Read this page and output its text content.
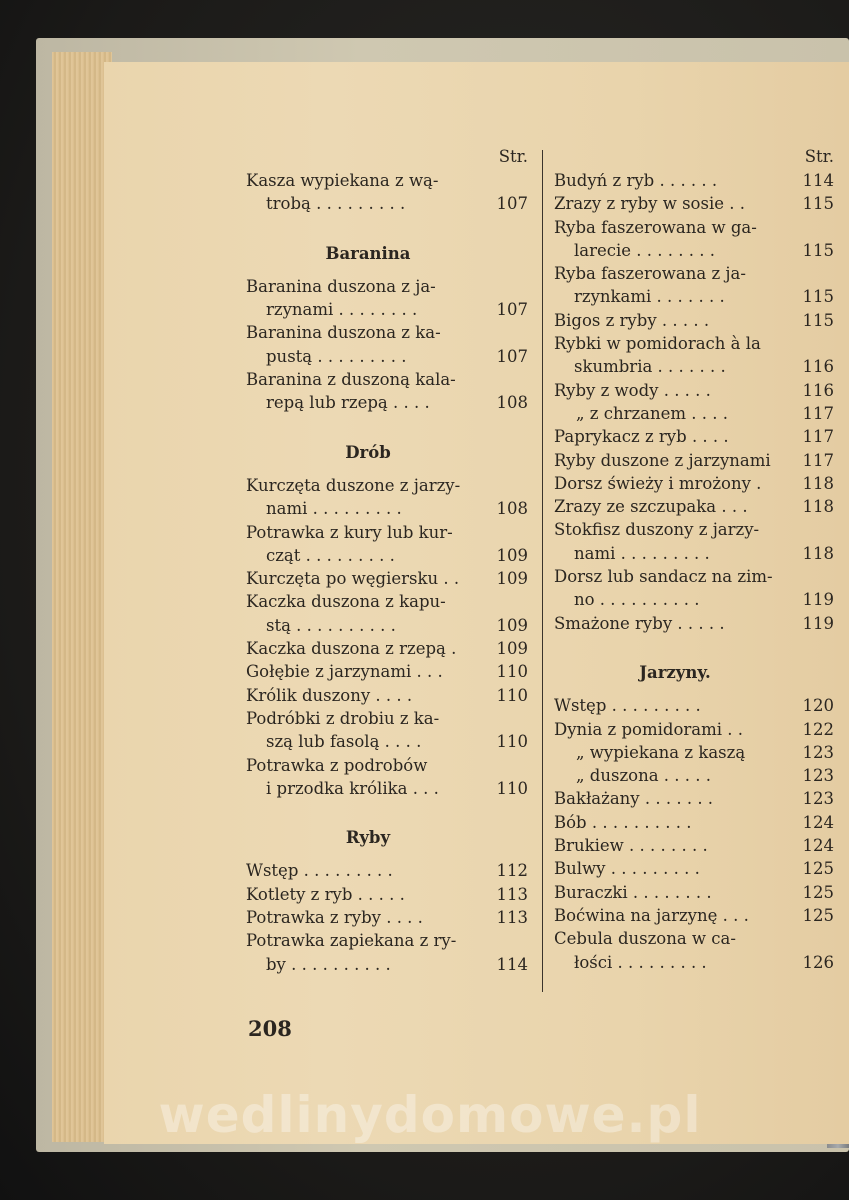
Str.
Kasza wypiekana z wą-
trobą . . . . . . . . .	107
Baranina
Baranina duszona z ja-
rzynami . . . . . . . .	107
Baranina duszona z ka-
pustą . . . . . . . . .	107
Baranina z duszoną kala-
repą lub rzepą . . . .	108
Drób
Kurczęta duszone z jarzy-
nami . . . . . . . . .	108
Potrawka z kury lub kur-
cząt . . . . . . . . .	109
Kurczęta po węgiersku . .	109
Kaczka duszona z kapu-
stą . . . . . . . . . .	109
Kaczka duszona z rzepą .	109
Gołębie z jarzynami . . .	110
Królik duszony . . . .	110
Podróbki z drobiu z ka-
szą lub fasolą . . . .	110
Potrawka z podrobów
i przodka królika . . .	110
Ryby
Wstęp . . . . . . . . .	112
Kotlety z ryb . . . . .	113
Potrawka z ryby . . . .	113
Potrawka zapiekana z ry-
by . . . . . . . . . .	114
Str.
Budyń z ryb . . . . . .	114
Zrazy z ryby w sosie . .	115
Ryba faszerowana w ga-
larecie . . . . . . . .	115
Ryba faszerowana z ja-
rzynkami . . . . . . .	115
Bigos z ryby . . . . .	115
Rybki w pomidorach à la
skumbria . . . . . . .	116
Ryby z wody . . . . .	116
„ z chrzanem . . . .	117
Paprykacz z ryb . . . .	117
Ryby duszone z jarzynami	117
Dorsz świeży i mrożony .	118
Zrazy ze szczupaka . . .	118
Stokfisz duszony z jarzy-
nami . . . . . . . . .	118
Dorsz lub sandacz na zim-
no . . . . . . . . . .	119
Smażone ryby . . . . .	119
Jarzyny.
Wstęp . . . . . . . . .	120
Dynia z pomidorami . .	122
„ wypiekana z kaszą	123
„ duszona . . . . .	123
Bakłażany . . . . . . .	123
Bób . . . . . . . . . .	124
Brukiew . . . . . . . .	124
Bulwy . . . . . . . . .	125
Buraczki . . . . . . . .	125
Boćwina na jarzynę . . .	125
Cebula duszona w ca-
łości . . . . . . . . .	126
208
wedlinydomowe.pl
